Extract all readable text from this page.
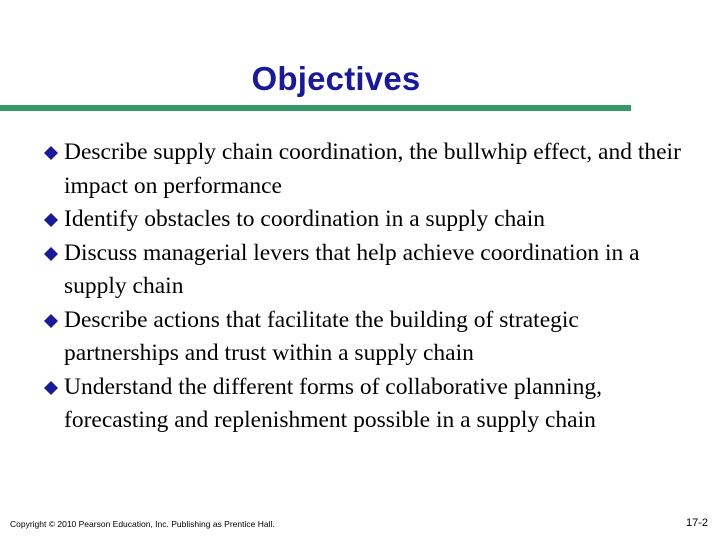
Objectives
Describe supply chain coordination, the bullwhip effect, and their impact on performance
Identify obstacles to coordination in a supply chain
Discuss managerial levers that help achieve coordination in a supply chain
Describe actions that facilitate the building of strategic partnerships and trust within a supply chain
Understand the different forms of collaborative planning, forecasting and replenishment possible in a supply chain
Copyright © 2010 Pearson Education, Inc. Publishing as Prentice Hall.	17-2
